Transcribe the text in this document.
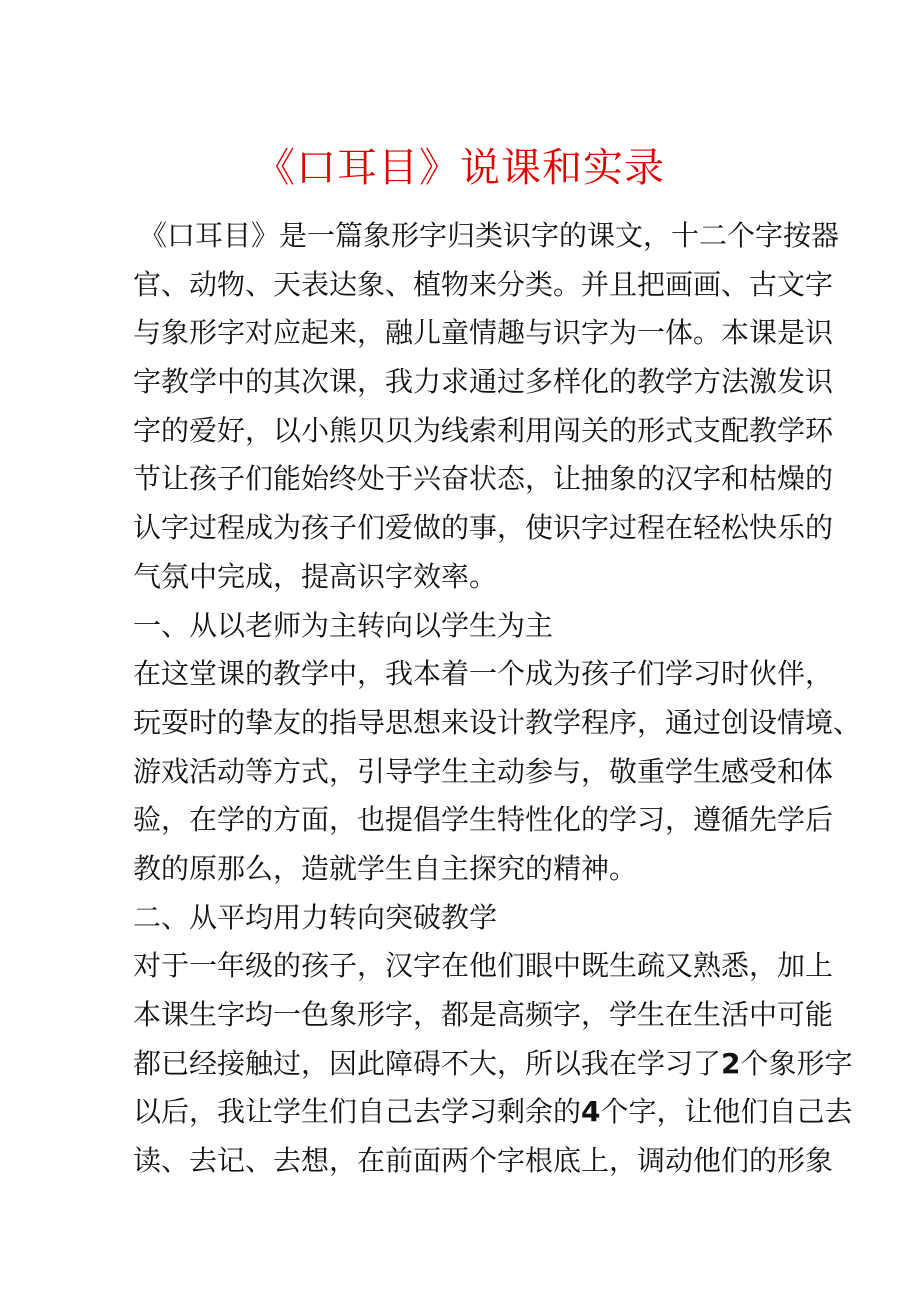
《口耳目》说课和实录
《口耳目》是一篇象形字归类识字的课文，十二个字按器
官、动物、天表达象、植物来分类。并且把画画、古文字
与象形字对应起来，融儿童情趣与识字为一体。本课是识
字教学中的其次课，我力求通过多样化的教学方法激发识
字的爱好，以小熊贝贝为线索利用闯关的形式支配教学环
节让孩子们能始终处于兴奋状态，让抽象的汉字和枯燥的
认字过程成为孩子们爱做的事，使识字过程在轻松快乐的
气氛中完成，提高识字效率。
一、从以老师为主转向以学生为主
在这堂课的教学中，我本着一个成为孩子们学习时伙伴，
玩耍时的挚友的指导思想来设计教学程序，通过创设情境、
游戏活动等方式，引导学生主动参与，敬重学生感受和体
验，在学的方面，也提倡学生特性化的学习，遵循先学后
教的原那么，造就学生自主探究的精神。
二、从平均用力转向突破教学
对于一年级的孩子，汉字在他们眼中既生疏又熟悉，加上
本课生字均一色象形字，都是高频字，学生在生活中可能
都已经接触过，因此障碍不大，所以我在学习了2个象形字
以后，我让学生们自己去学习剩余的4个字，让他们自己去
读、去记、去想，在前面两个字根底上，调动他们的形象
